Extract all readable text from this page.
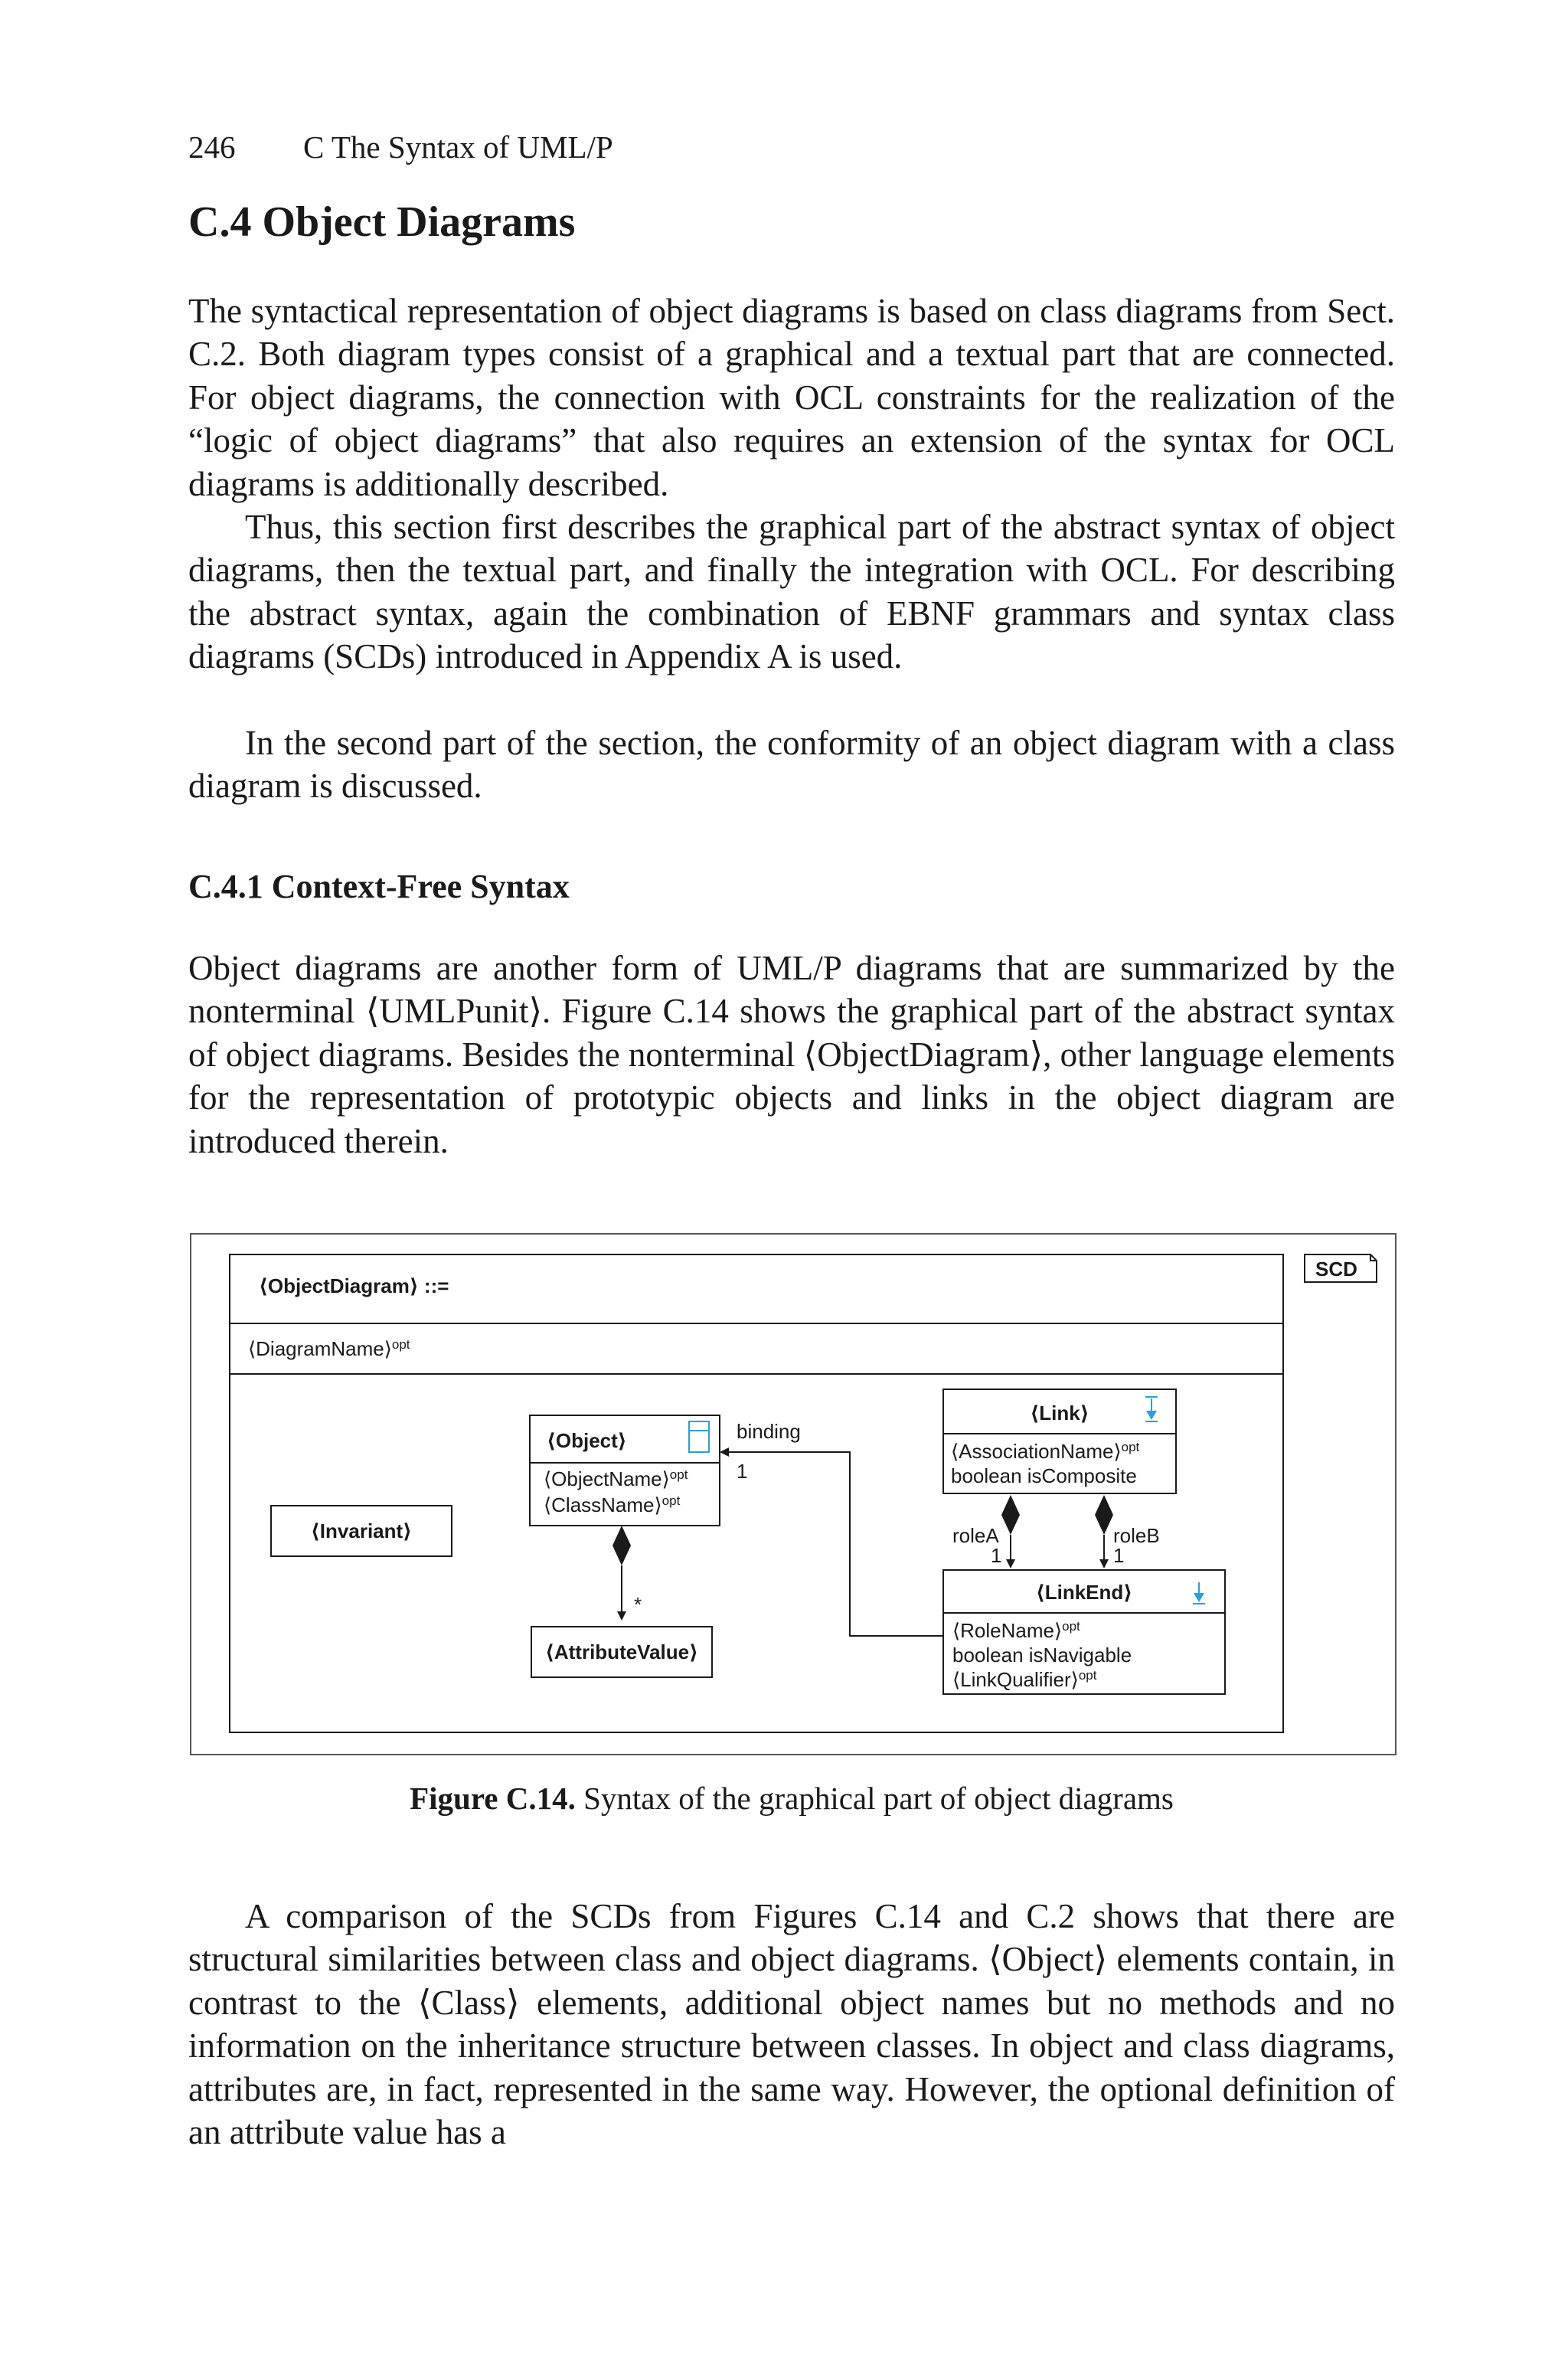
246 C The Syntax of UML/P
C.4 Object Diagrams

The syntactical representation of object diagrams is based on class diagrams from Sect. C.2. Both diagram types consist of a graphical and a textual part that are connected. For object diagrams, the connection with OCL constraints for the realization of the “logic of object diagrams” that also requires an extension of the syntax for OCL diagrams is additionally described.

Thus, this section first describes the graphical part of the abstract syntax of object diagrams, then the textual part, and finally the integration with OCL. For describing the abstract syntax, again the combination of EBNF grammars and syntax class diagrams (SCDs) introduced in Appendix A is used.

In the second part of the section, the conformity of an object diagram with a class diagram is discussed.

C.4.1 Context-Free Syntax

Object diagrams are another form of UML/P diagrams that are summarized by the nonterminal ⟨UMLPunit⟩. Figure C.14 shows the graphical part of the abstract syntax of object diagrams. Besides the nonterminal ⟨ObjectDiagram⟩, other language elements for the representation of prototypic objects and links in the object diagram are introduced therein.

SCD
⟨ObjectDiagram⟩ ::=
⟨DiagramName⟩$^{opt}$
⟨Invariant⟩
⟨Object⟩
⟨ObjectName⟩$^{opt}$
⟨ClassName⟩$^{opt}$
*
⟨AttributeValue⟩
binding
1
⟨Link⟩
⟨AssociationName⟩$^{opt}$
boolean isComposite
roleA
1
roleB
1
⟨LinkEnd⟩
⟨RoleName⟩$^{opt}$
boolean isNavigable
⟨LinkQualifier⟩$^{opt}$

Figure C.14. Syntax of the graphical part of object diagrams

A comparison of the SCDs from Figures C.14 and C.2 shows that there are structural similarities between class and object diagrams. ⟨Object⟩ elements contain, in contrast to the ⟨Class⟩ elements, additional object names but no methods and no information on the inheritance structure between classes. In object and class diagrams, attributes are, in fact, represented in the same way. However, the optional definition of an attribute value has a
